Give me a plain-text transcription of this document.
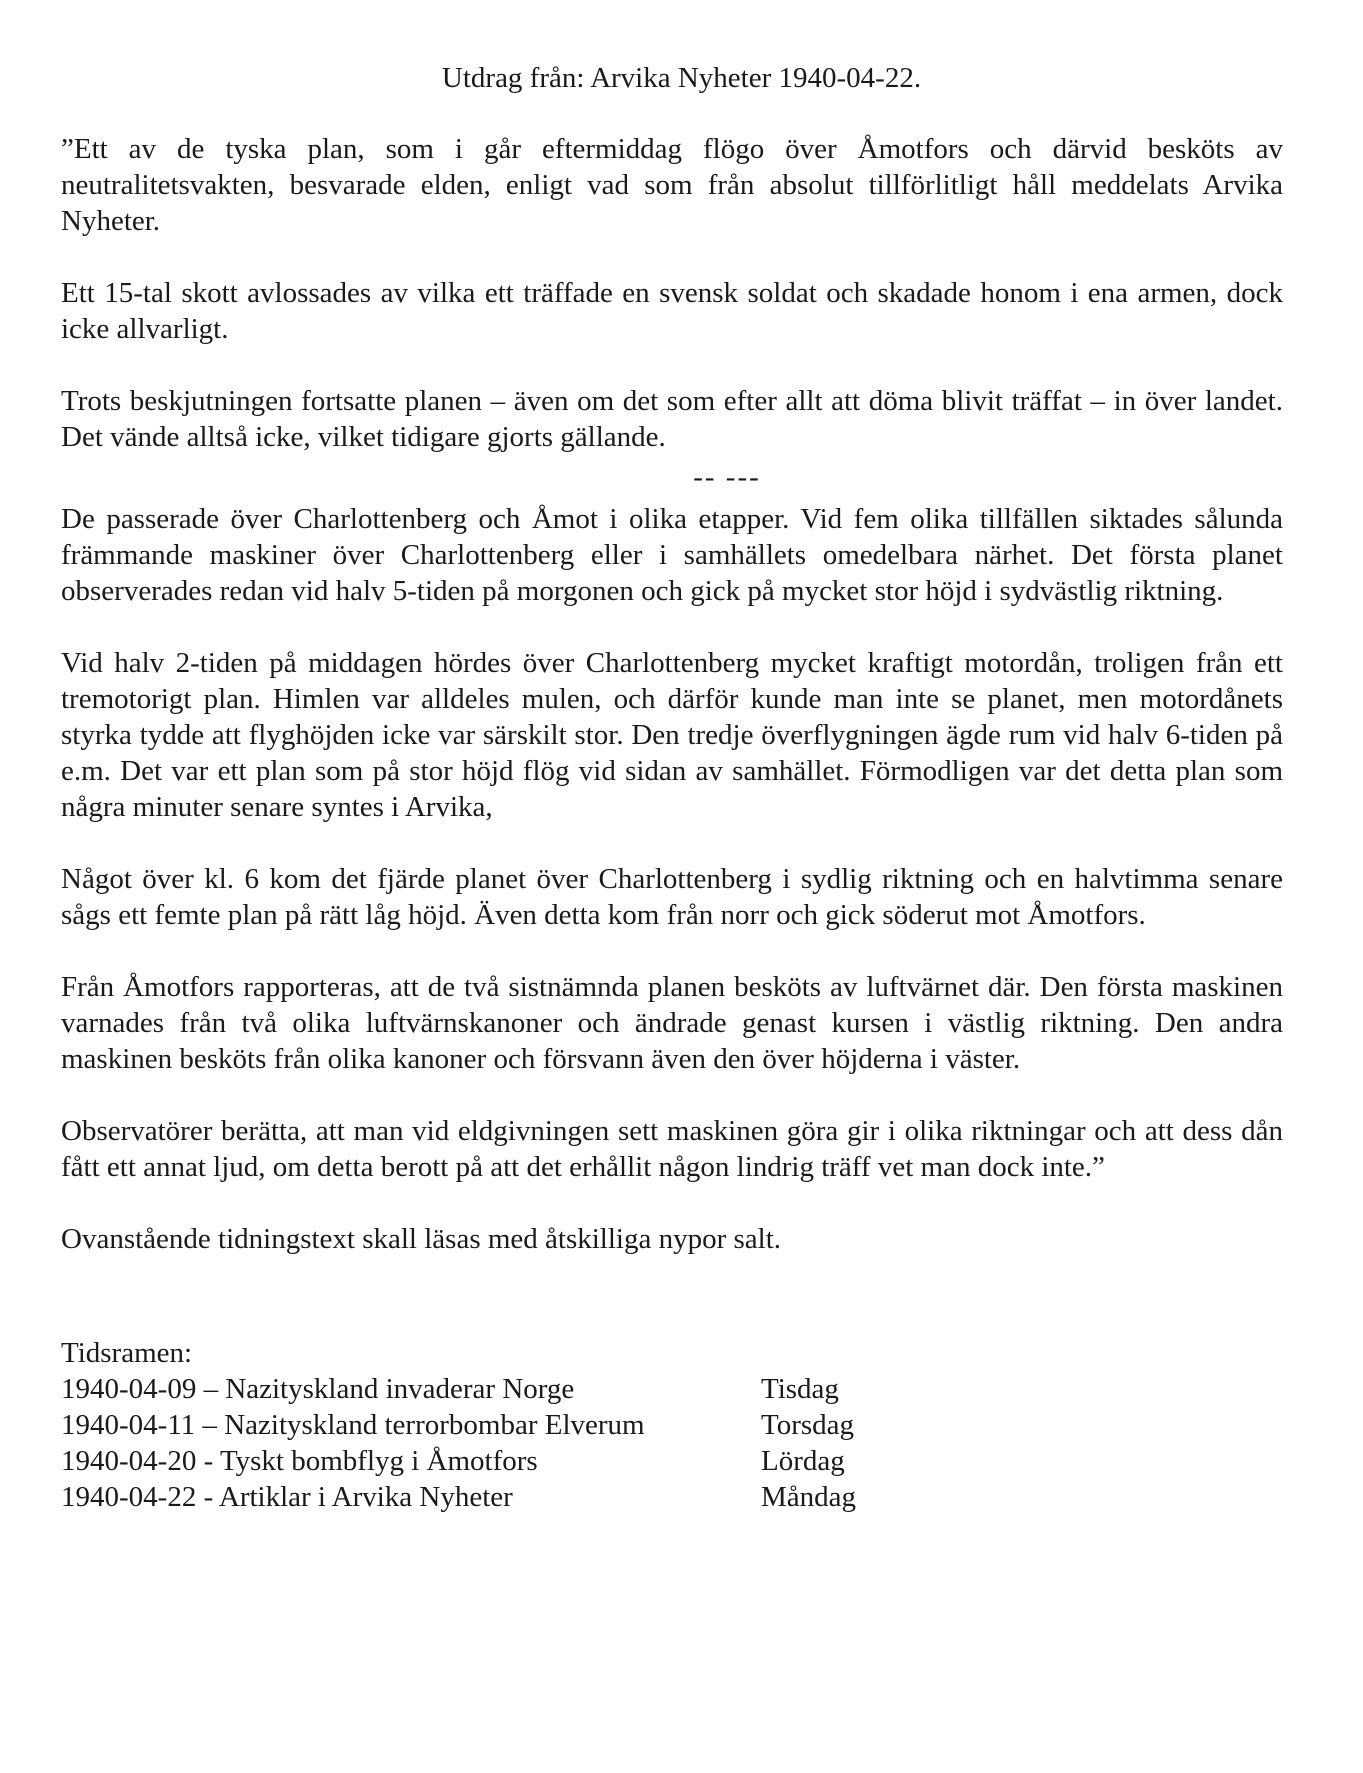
Utdrag från: Arvika Nyheter 1940-04-22.

”Ett av de tyska plan, som i går eftermiddag flögo över Åmotfors och därvid besköts av neutralitetsvakten, besvarade elden, enligt vad som från absolut tillförlitligt håll meddelats Arvika Nyheter.

Ett 15-tal skott avlossades av vilka ett träffade en svensk soldat och skadade honom i ena armen, dock icke allvarligt.

Trots beskjutningen fortsatte planen – även om det som efter allt att döma blivit träffat – in över landet. Det vände alltså icke, vilket tidigare gjorts gällande.

-- ---

De passerade över Charlottenberg och Åmot i olika etapper. Vid fem olika tillfällen siktades sålunda främmande maskiner över Charlottenberg eller i samhällets omedelbara närhet. Det första planet observerades redan vid halv 5-tiden på morgonen och gick på mycket stor höjd i sydvästlig riktning.

Vid halv 2-tiden på middagen hördes över Charlottenberg mycket kraftigt motordån, troligen från ett tremotorigt plan. Himlen var alldeles mulen, och därför kunde man inte se planet, men motordånets styrka tydde att flyghöjden icke var särskilt stor. Den tredje överflygningen ägde rum vid halv 6-tiden på e.m. Det var ett plan som på stor höjd flög vid sidan av samhället. Förmodligen var det detta plan som några minuter senare syntes i Arvika,

Något över kl. 6 kom det fjärde planet över Charlottenberg i sydlig riktning och en halvtimma senare sågs ett femte plan på rätt låg höjd. Även detta kom från norr och gick söderut mot Åmotfors.

Från Åmotfors rapporteras, att de två sistnämnda planen besköts av luftvärnet där. Den första maskinen varnades från två olika luftvärnskanoner och ändrade genast kursen i västlig riktning. Den andra maskinen besköts från olika kanoner och försvann även den över höjderna i väster.

Observatörer berätta, att man vid eldgivningen sett maskinen göra gir i olika riktningar och att dess dån fått ett annat ljud, om detta berott på att det erhållit någon lindrig träff vet man dock inte.”

Ovanstående tidningstext skall läsas med åtskilliga nypor salt.

Tidsramen:

1940-04-09 – Nazityskland invaderar Norge	Tisdag
1940-04-11 – Nazityskland terrorbombar Elverum	Torsdag
1940-04-20 - Tyskt bombflyg i Åmotfors	Lördag
1940-04-22 - Artiklar i Arvika Nyheter	Måndag
